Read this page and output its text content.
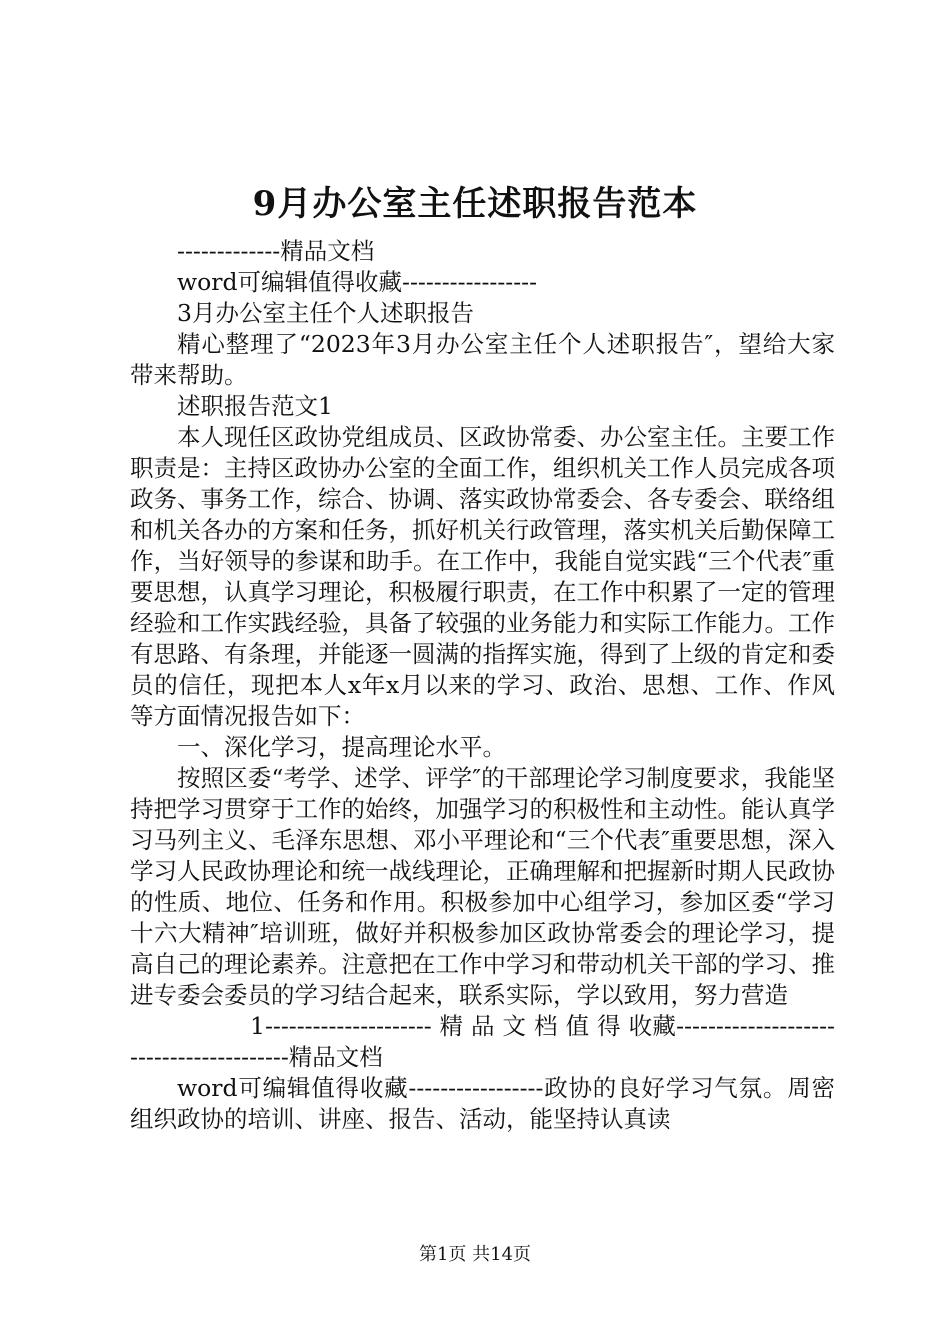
9月办公室主任述职报告范本

-------------精品文档

word可编辑值得收藏-----------------

3月办公室主任个人述职报告

精心整理了“2023年3月办公室主任个人述职报告″，望给大家带来帮助。

述职报告范文1

本人现任区政协党组成员、区政协常委、办公室主任。主要工作职责是：主持区政协办公室的全面工作，组织机关工作人员完成各项政务、事务工作，综合、协调、落实政协常委会、各专委会、联络组和机关各办的方案和任务，抓好机关行政管理，落实机关后勤保障工作，当好领导的参谋和助手。在工作中，我能自觉实践“三个代表″重要思想，认真学习理论，积极履行职责，在工作中积累了一定的管理经验和工作实践经验，具备了较强的业务能力和实际工作能力。工作有思路、有条理，并能逐一圆满的指挥实施，得到了上级的肯定和委员的信任，现把本人x年x月以来的学习、政治、思想、工作、作风等方面情况报告如下：

一、深化学习，提高理论水平。

按照区委“考学、述学、评学″的干部理论学习制度要求，我能坚持把学习贯穿于工作的始终，加强学习的积极性和主动性。能认真学习马列主义、毛泽东思想、邓小平理论和“三个代表″重要思想，深入学习人民政协理论和统一战线理论，正确理解和把握新时期人民政协的性质、地位、任务和作用。积极参加中心组学习，参加区委“学习十六大精神″培训班，做好并积极参加区政协常委会的理论学习，提高自己的理论素养。注意把在工作中学习和带动机关干部的学习、推进专委会委员的学习结合起来，联系实际，学以致用，努力营造

1--------------------- 精 品 文 档 值 得 收藏----------------------------------------精品文档

word可编辑值得收藏-----------------政协的良好学习气氛。周密组织政协的培训、讲座、报告、活动，能坚持认真读

第1页 共14页
